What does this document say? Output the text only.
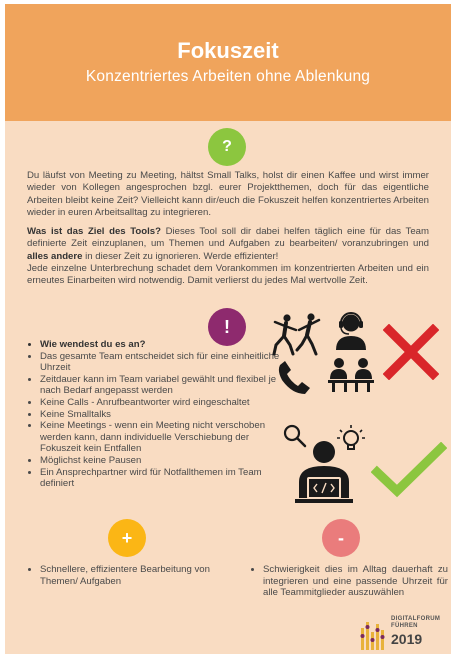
Fokuszeit
Konzentriertes Arbeiten ohne Ablenkung
?

Du läufst von Meeting zu Meeting, hältst Small Talks, holst dir einen Kaffee und wirst immer wieder von Kollegen angesprochen bzgl. eurer Projektthemen, doch für das eigentliche Arbeiten bleibt keine Zeit? Vielleicht kann dir/euch die Fokuszeit helfen konzentriertes Arbeiten wieder in euren Arbeitsalltag zu integrieren.

Was ist das Ziel des Tools? Dieses Tool soll dir dabei helfen täglich eine für das Team definierte Zeit einzuplanen, um Themen und Aufgaben zu bearbeiten/ voranzubringen und alles andere in dieser Zeit zu ignorieren. Werde effizienter!
Jede einzelne Unterbrechung schadet dem Vorankommen im konzentrierten Arbeiten und ein erneutes Einarbeiten wird notwendig. Damit verlierst du jedes Mal wertvolle Zeit.

!
• Wie wendest du es an?
• Das gesamte Team entscheidet sich für eine einheitliche Uhrzeit
• Zeitdauer kann im Team variabel gewählt und flexibel je nach Bedarf angepasst werden
• Keine Calls - Anrufbeantworter wird eingeschaltet
• Keine Smalltalks
• Keine Meetings - wenn ein Meeting nicht verschoben werden kann, dann individuelle Verschiebung der Fokuszeit kein Entfallen
• Möglichst keine Pausen
• Ein Ansprechpartner wird für Notfallthemen im Team definiert
+	-
• Schnellere, effizientere Bearbeitung von Themen/ Aufgaben
• Schwierigkeit dies im Alltag dauerhaft zu integrieren und eine passende Uhrzeit für alle Teammitglieder auszuwählen
DIGITALFORUM
FÜHREN
2019
